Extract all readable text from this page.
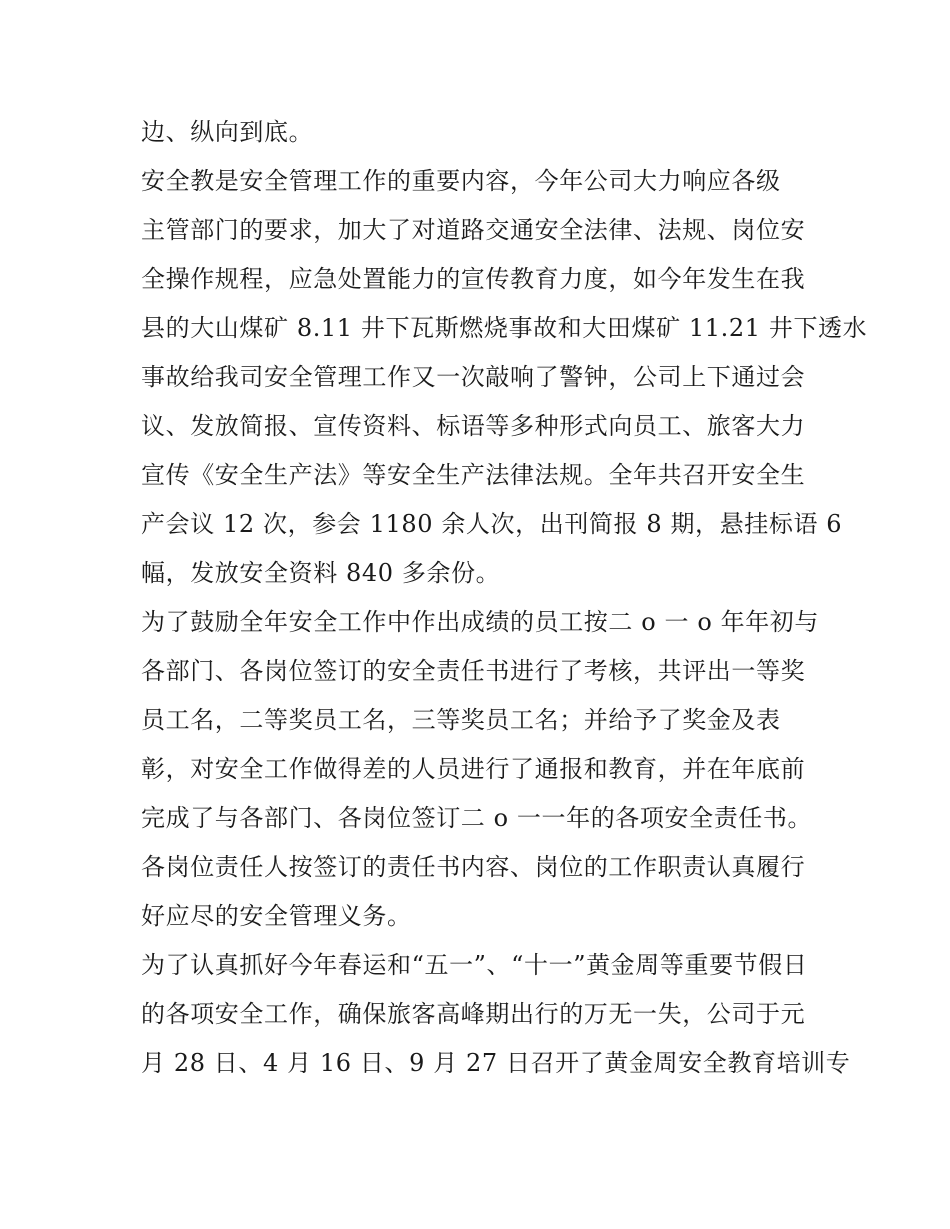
边、纵向到底。
安全教是安全管理工作的重要内容，今年公司大力响应各级
主管部门的要求，加大了对道路交通安全法律、法规、岗位安
全操作规程，应急处置能力的宣传教育力度，如今年发生在我
县的大山煤矿 8.11 井下瓦斯燃烧事故和大田煤矿 11.21 井下透水
事故给我司安全管理工作又一次敲响了警钟，公司上下通过会
议、发放简报、宣传资料、标语等多种形式向员工、旅客大力
宣传《安全生产法》等安全生产法律法规。全年共召开安全生
产会议 12 次，参会 1180 余人次，出刊简报 8 期，悬挂标语 6
幅，发放安全资料 840 多余份。
为了鼓励全年安全工作中作出成绩的员工按二 o 一 o 年年初与
各部门、各岗位签订的安全责任书进行了考核，共评出一等奖
员工名，二等奖员工名，三等奖员工名；并给予了奖金及表
彰，对安全工作做得差的人员进行了通报和教育，并在年底前
完成了与各部门、各岗位签订二 o 一一年的各项安全责任书。
各岗位责任人按签订的责任书内容、岗位的工作职责认真履行
好应尽的安全管理义务。
为了认真抓好今年春运和“五一”、“十一”黄金周等重要节假日
的各项安全工作，确保旅客高峰期出行的万无一失，公司于元
月 28 日、4 月 16 日、9 月 27 日召开了黄金周安全教育培训专
